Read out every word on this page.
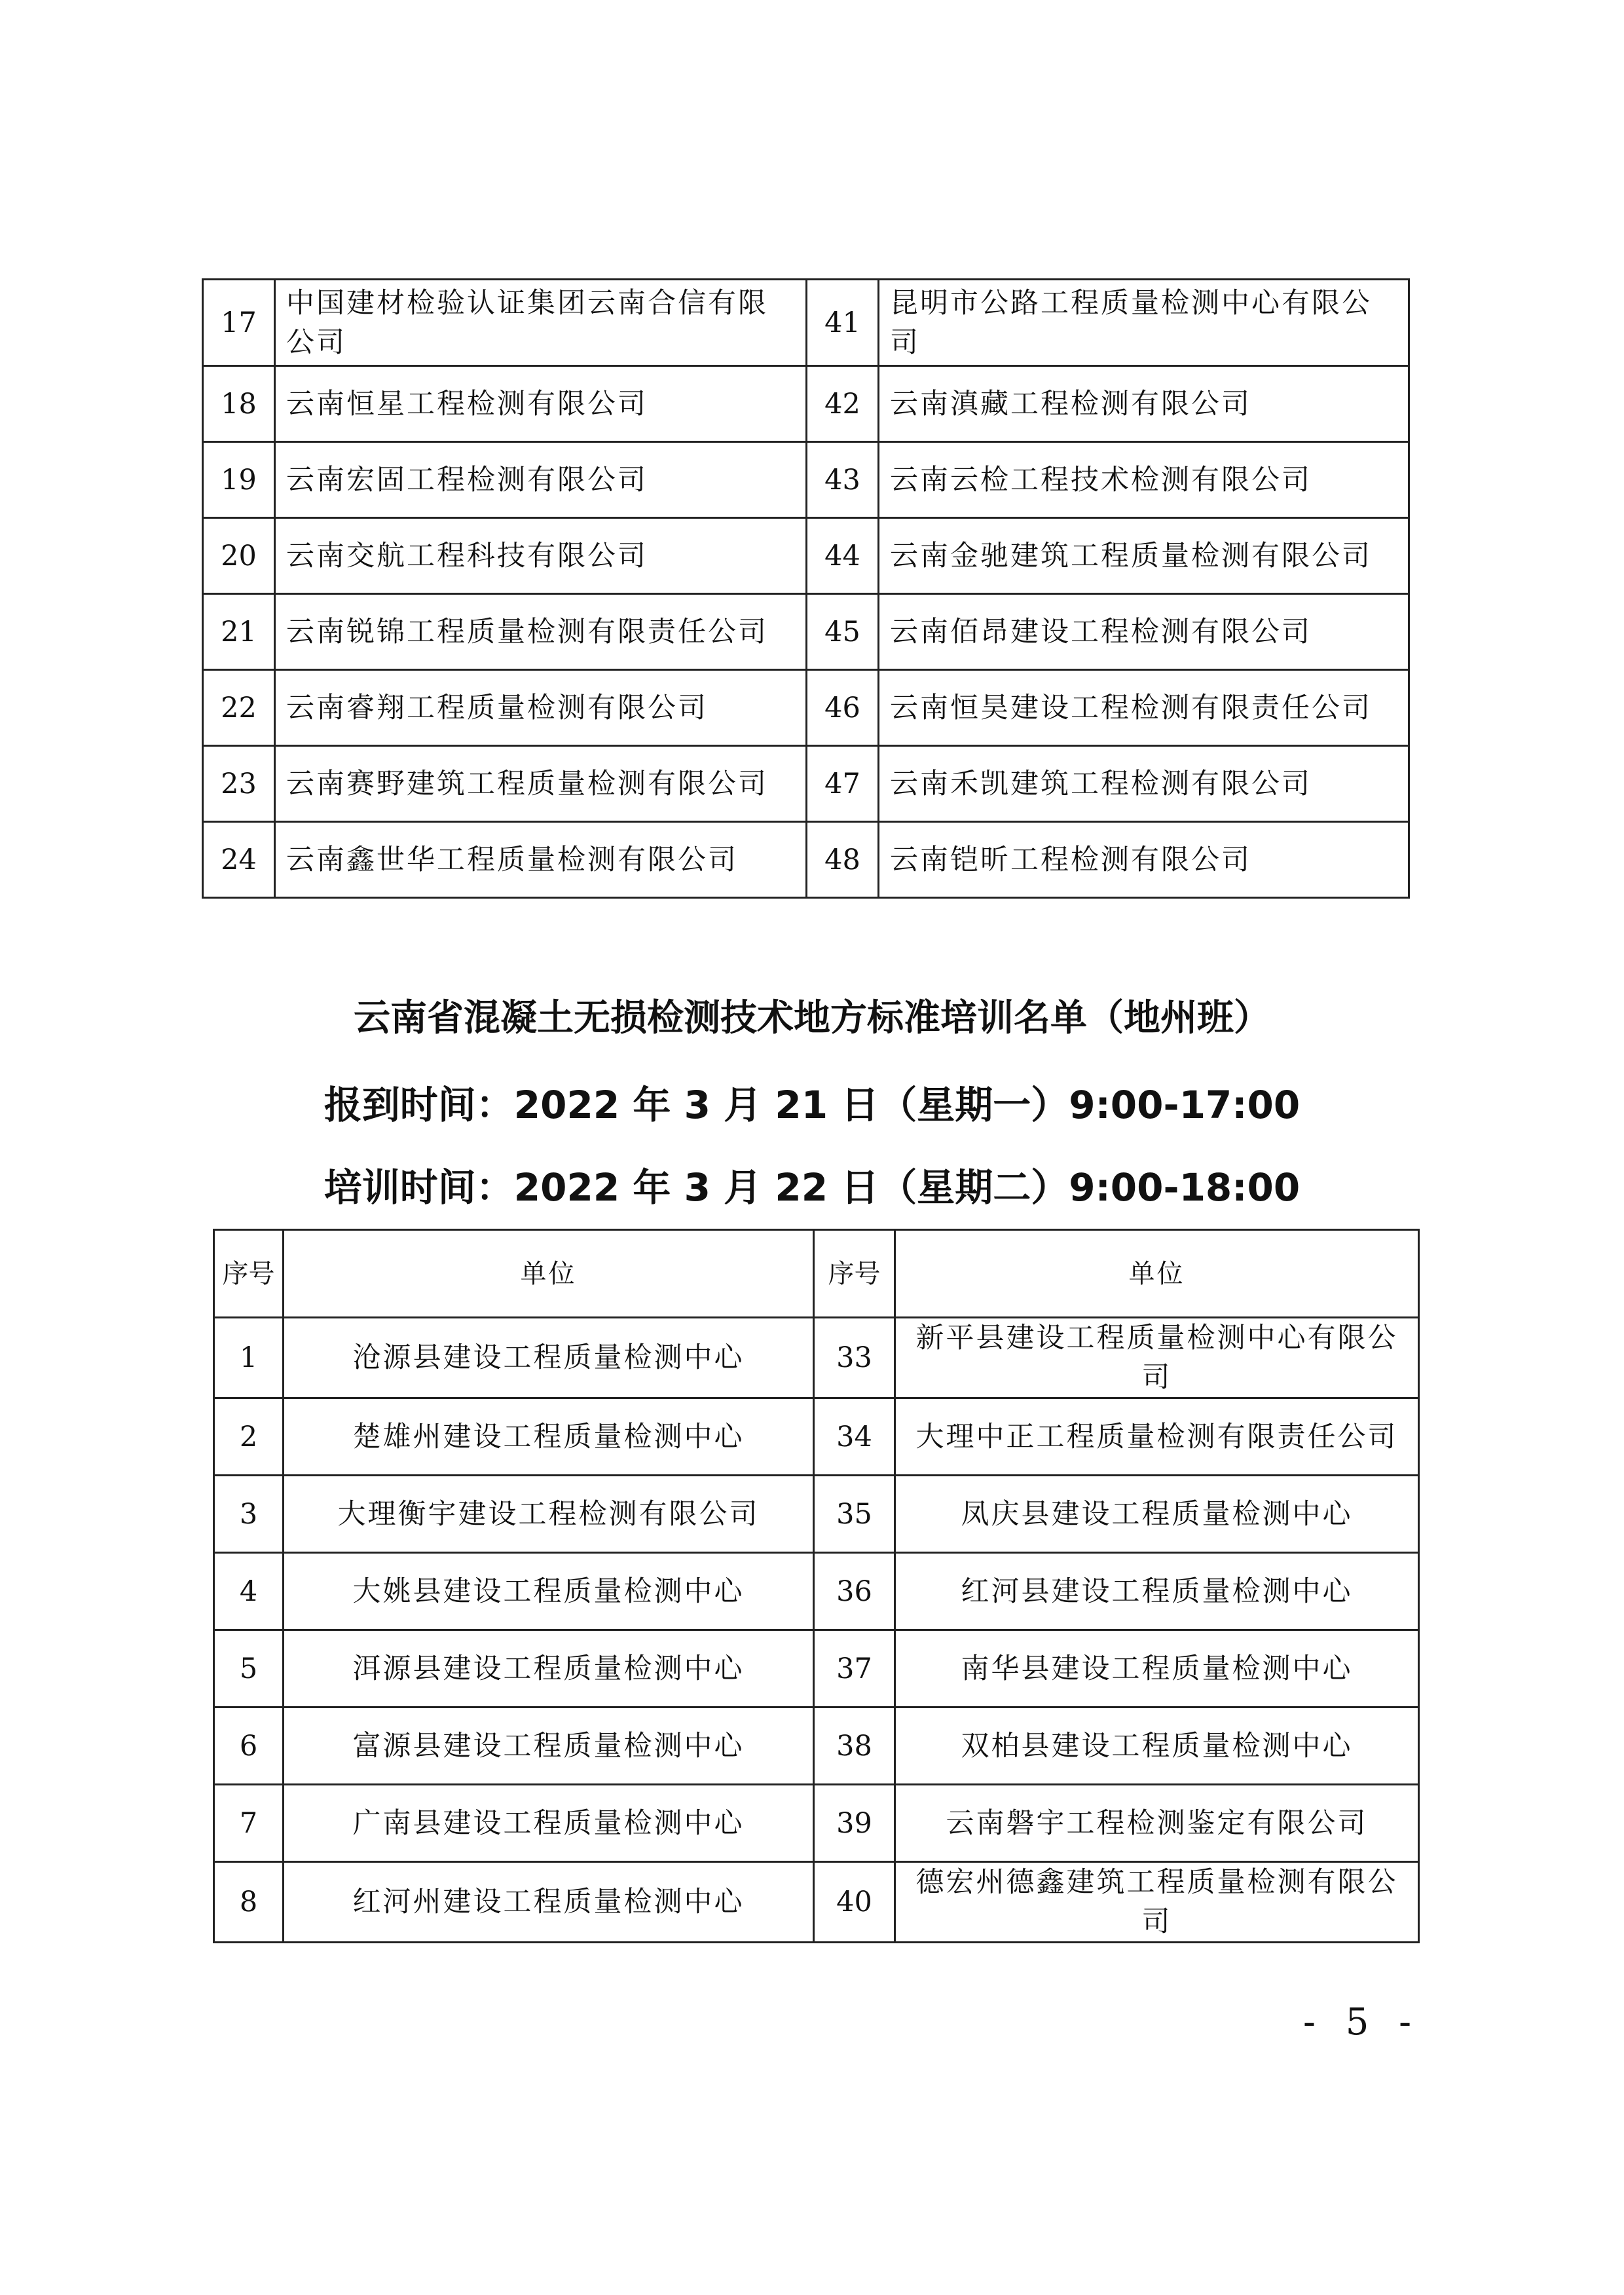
17	中国建材检验认证集团云南合信有限公司	41	昆明市公路工程质量检测中心有限公司
18	云南恒星工程检测有限公司	42	云南滇藏工程检测有限公司
19	云南宏固工程检测有限公司	43	云南云检工程技术检测有限公司
20	云南交航工程科技有限公司	44	云南金驰建筑工程质量检测有限公司
21	云南锐锦工程质量检测有限责任公司	45	云南佰昂建设工程检测有限公司
22	云南睿翔工程质量检测有限公司	46	云南恒昊建设工程检测有限责任公司
23	云南赛野建筑工程质量检测有限公司	47	云南禾凯建筑工程检测有限公司
24	云南鑫世华工程质量检测有限公司	48	云南铠昕工程检测有限公司
云南省混凝土无损检测技术地方标准培训名单（地州班）
报到时间：2022 年 3 月 21 日（星期一）9:00-17:00
培训时间：2022 年 3 月 22 日（星期二）9:00-18:00
序号	单位	序号	单位
1	沧源县建设工程质量检测中心	33	新平县建设工程质量检测中心有限公司
2	楚雄州建设工程质量检测中心	34	大理中正工程质量检测有限责任公司
3	大理衡宇建设工程检测有限公司	35	凤庆县建设工程质量检测中心
4	大姚县建设工程质量检测中心	36	红河县建设工程质量检测中心
5	洱源县建设工程质量检测中心	37	南华县建设工程质量检测中心
6	富源县建设工程质量检测中心	38	双柏县建设工程质量检测中心
7	广南县建设工程质量检测中心	39	云南磐宇工程检测鉴定有限公司
8	红河州建设工程质量检测中心	40	德宏州德鑫建筑工程质量检测有限公司
- 5 -
